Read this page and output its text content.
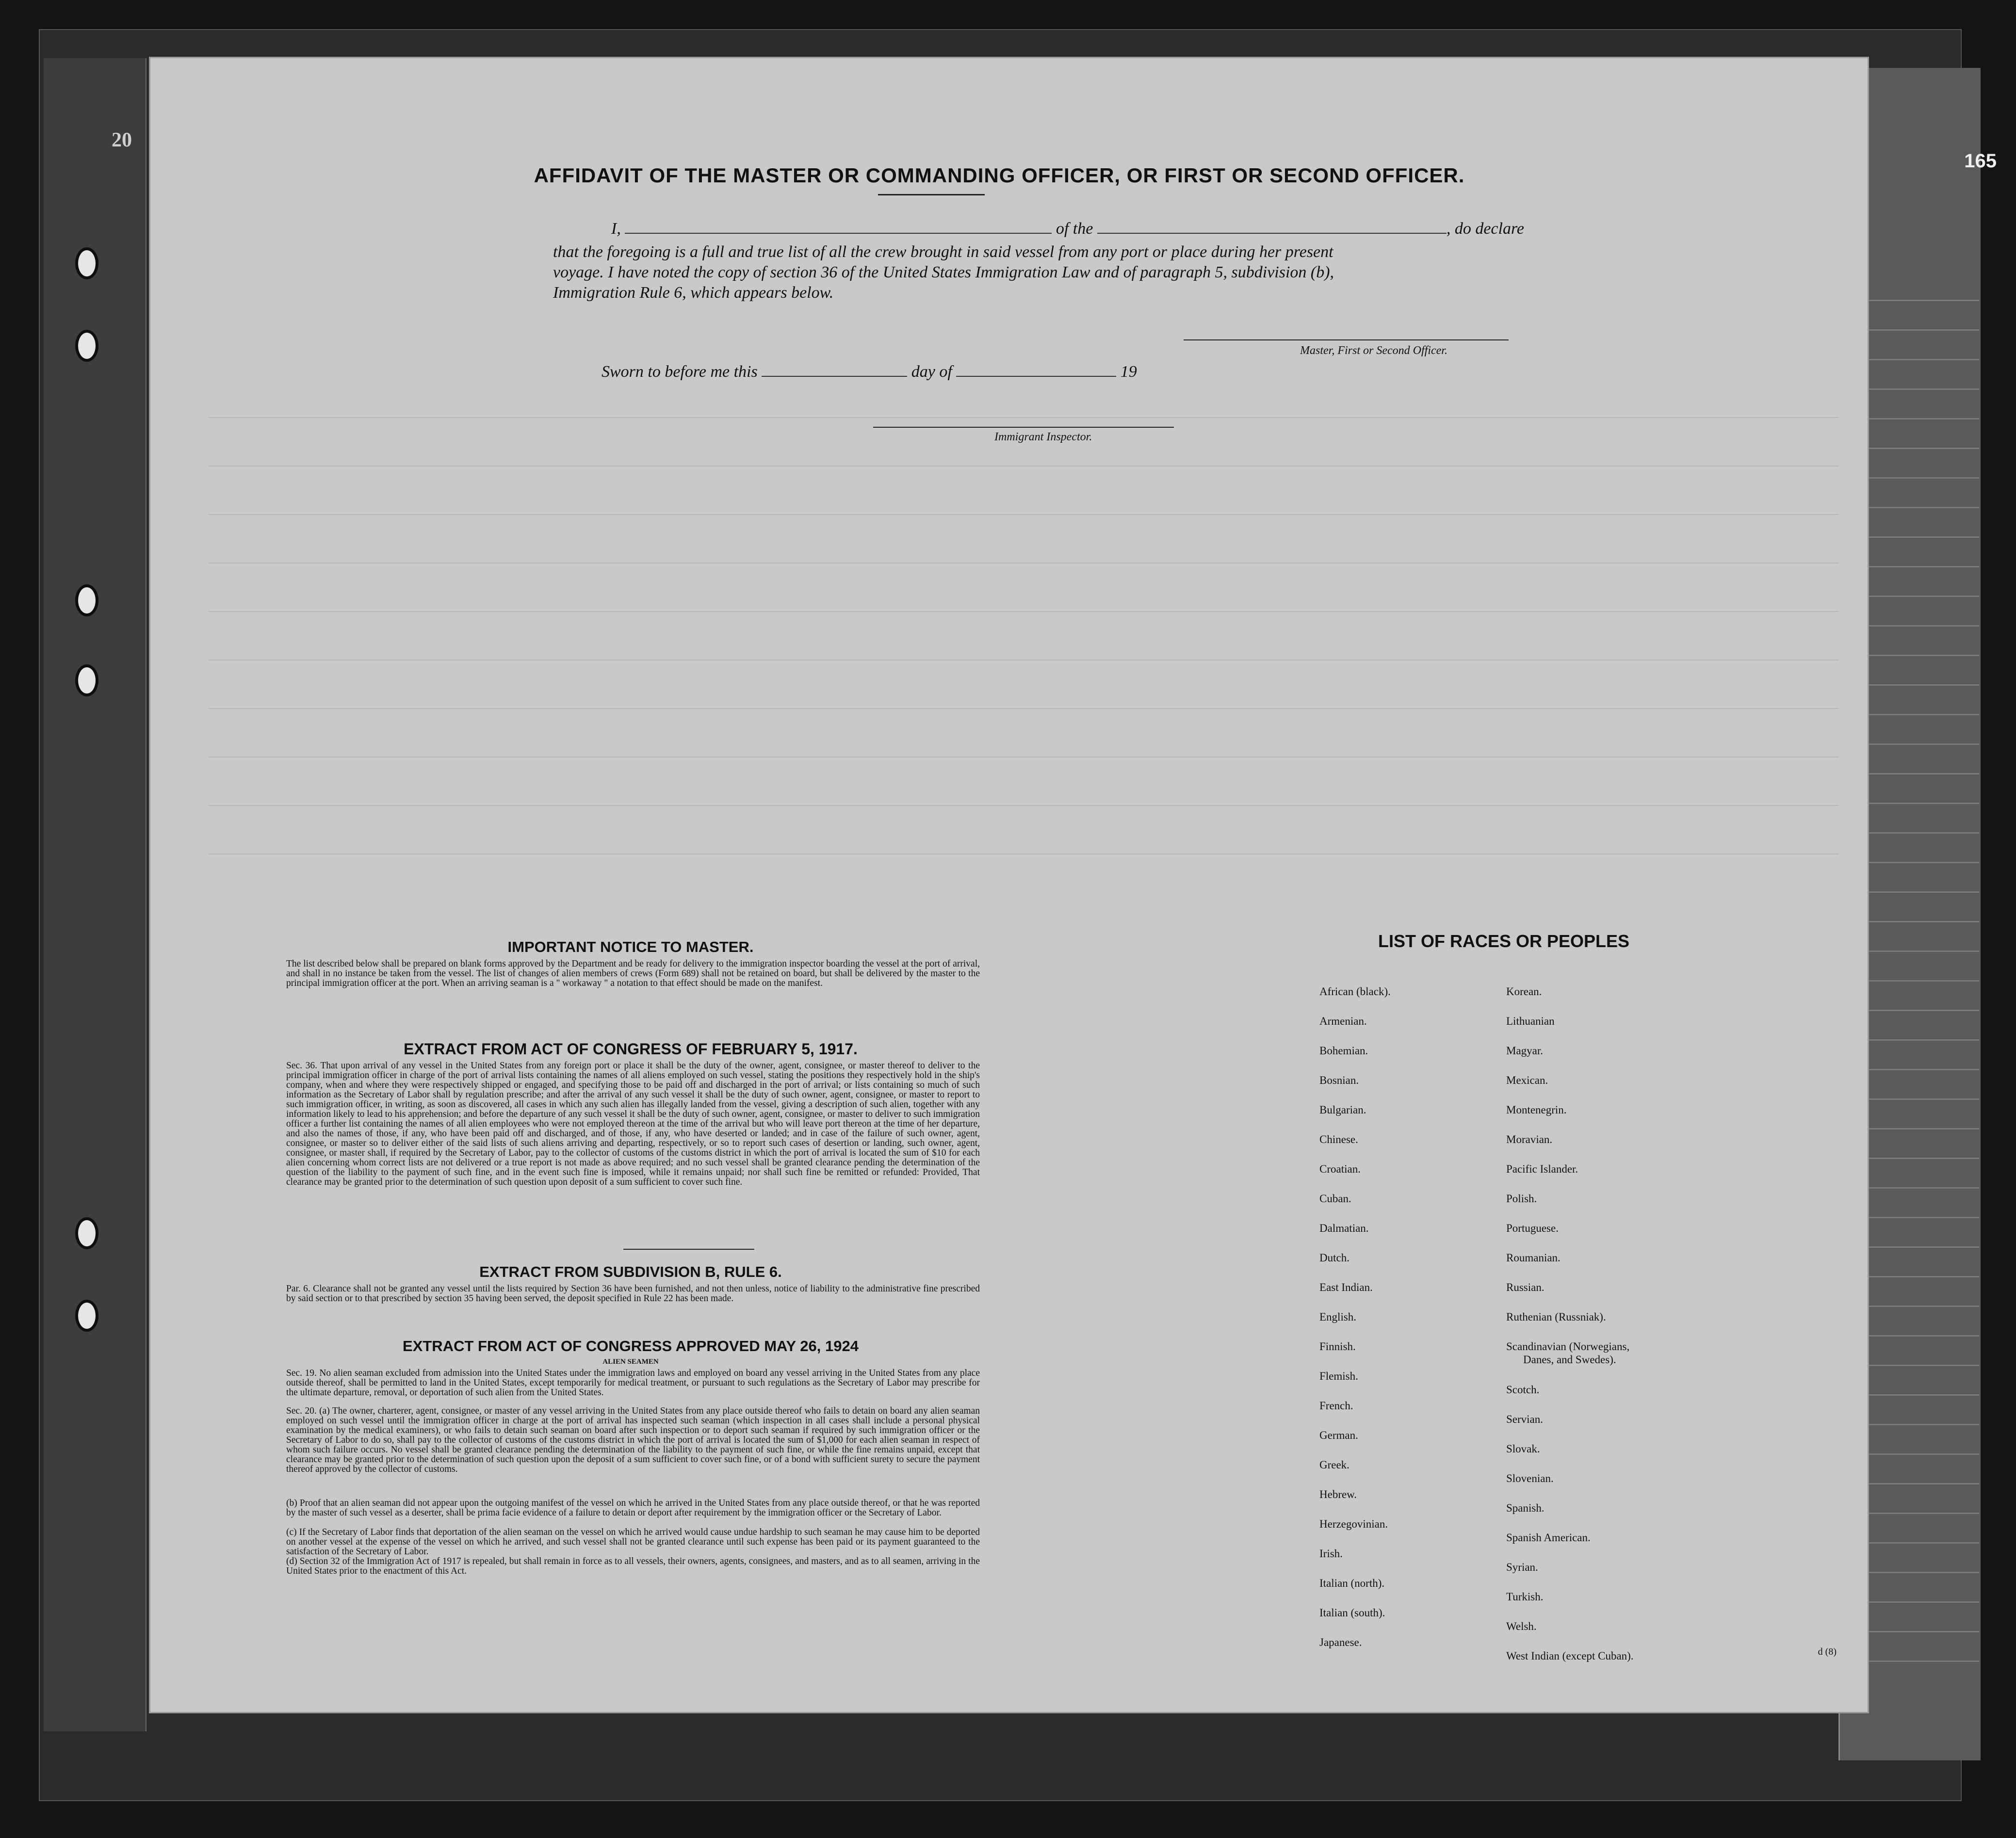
20
AFFIDAVIT OF THE MASTER OR COMMANDING OFFICER, OR FIRST OR SECOND OFFICER.
I,	of the	, do declare
that the foregoing is a full and true list of all the crew brought in said vessel from any port or place during her present
voyage. I have noted the copy of section 36 of the United States Immigration Law and of paragraph 5, subdivision (b),
Immigration Rule 6, which appears below.
Master, First or Second Officer.
Sworn to before me this	day of	19
Immigrant Inspector.
IMPORTANT NOTICE TO MASTER.
The list described below shall be prepared on blank forms approved by the Department and be ready for delivery to the immigration inspector boarding the vessel at the port of arrival, and shall in no instance be taken from the vessel. The list of changes of alien members of crews (Form 689) shall not be retained on board, but shall be delivered by the master to the principal immigration officer at the port. When an arriving seaman is a " workaway " a notation to that effect should be made on the manifest.
EXTRACT FROM ACT OF CONGRESS OF FEBRUARY 5, 1917.
Sec. 36. That upon arrival of any vessel in the United States from any foreign port or place it shall be the duty of the owner, agent, consignee, or master thereof to deliver to the principal immigration officer in charge of the port of arrival lists containing the names of all aliens employed on such vessel, stating the positions they respectively hold in the ship's company, when and where they were respectively shipped or engaged, and specifying those to be paid off and discharged in the port of arrival; or lists containing so much of such information as the Secretary of Labor shall by regulation prescribe; and after the arrival of any such vessel it shall be the duty of such owner, agent, consignee, or master to report to such immigration officer, in writing, as soon as discovered, all cases in which any such alien has illegally landed from the vessel, giving a description of such alien, together with any information likely to lead to his apprehension; and before the departure of any such vessel it shall be the duty of such owner, agent, consignee, or master to deliver to such immigration officer a further list containing the names of all alien employees who were not employed thereon at the time of the arrival but who will leave port thereon at the time of her departure, and also the names of those, if any, who have been paid off and discharged, and of those, if any, who have deserted or landed; and in case of the failure of such owner, agent, consignee, or master so to deliver either of the said lists of such aliens arriving and departing, respectively, or so to report such cases of desertion or landing, such owner, agent, consignee, or master shall, if required by the Secretary of Labor, pay to the collector of customs of the customs district in which the port of arrival is located the sum of $10 for each alien concerning whom correct lists are not delivered or a true report is not made as above required; and no such vessel shall be granted clearance pending the determination of the question of the liability to the payment of such fine, and in the event such fine is imposed, while it remains unpaid; nor shall such fine be remitted or refunded: Provided, That clearance may be granted prior to the determination of such question upon deposit of a sum sufficient to cover such fine.
EXTRACT FROM SUBDIVISION B, RULE 6.
Par. 6. Clearance shall not be granted any vessel until the lists required by Section 36 have been furnished, and not then unless, notice of liability to the administrative fine prescribed by said section or to that prescribed by section 35 having been served, the deposit specified in Rule 22 has been made.
EXTRACT FROM ACT OF CONGRESS APPROVED MAY 26, 1924
ALIEN SEAMEN
Sec. 19. No alien seaman excluded from admission into the United States under the immigration laws and employed on board any vessel arriving in the United States from any place outside thereof, shall be permitted to land in the United States, except temporarily for medical treatment, or pursuant to such regulations as the Secretary of Labor may prescribe for the ultimate departure, removal, or deportation of such alien from the United States.
Sec. 20. (a) The owner, charterer, agent, consignee, or master of any vessel arriving in the United States from any place outside thereof who fails to detain on board any alien seaman employed on such vessel until the immigration officer in charge at the port of arrival has inspected such seaman (which inspection in all cases shall include a personal physical examination by the medical examiners), or who fails to detain such seaman on board after such inspection or to deport such seaman if required by such immigration officer or the Secretary of Labor to do so, shall pay to the collector of customs of the customs district in which the port of arrival is located the sum of $1,000 for each alien seaman in respect of whom such failure occurs. No vessel shall be granted clearance pending the determination of the liability to the payment of such fine, or while the fine remains unpaid, except that clearance may be granted prior to the determination of such question upon the deposit of a sum sufficient to cover such fine, or of a bond with sufficient surety to secure the payment thereof approved by the collector of customs.
(b) Proof that an alien seaman did not appear upon the outgoing manifest of the vessel on which he arrived in the United States from any place outside thereof, or that he was reported by the master of such vessel as a deserter, shall be prima facie evidence of a failure to detain or deport after requirement by the immigration officer or the Secretary of Labor.
(c) If the Secretary of Labor finds that deportation of the alien seaman on the vessel on which he arrived would cause undue hardship to such seaman he may cause him to be deported on another vessel at the expense of the vessel on which he arrived, and such vessel shall not be granted clearance until such expense has been paid or its payment guaranteed to the satisfaction of the Secretary of Labor.
(d) Section 32 of the Immigration Act of 1917 is repealed, but shall remain in force as to all vessels, their owners, agents, consignees, and masters, and as to all seamen, arriving in the United States prior to the enactment of this Act.
LIST OF RACES OR PEOPLES
Danes, and Swedes).
d (8)
African (black).
Armenian.
Bohemian.
Bosnian.
Bulgarian.
Chinese.
Croatian.
Cuban.
Dalmatian.
Dutch.
East Indian.
English.
Finnish.
Flemish.
French.
German.
Greek.
Hebrew.
Herzegovinian.
Irish.
Italian (north).
Italian (south).
Japanese.
Korean.
Lithuanian
Magyar.
Mexican.
Montenegrin.
Moravian.
Pacific Islander.
Polish.
Portuguese.
Roumanian.
Russian.
Ruthenian (Russniak).
Scandinavian (Norwegians,
Scotch.
Servian.
Slovak.
Slovenian.
Spanish.
Spanish American.
Syrian.
Turkish.
Welsh.
West Indian (except Cuban).
165
